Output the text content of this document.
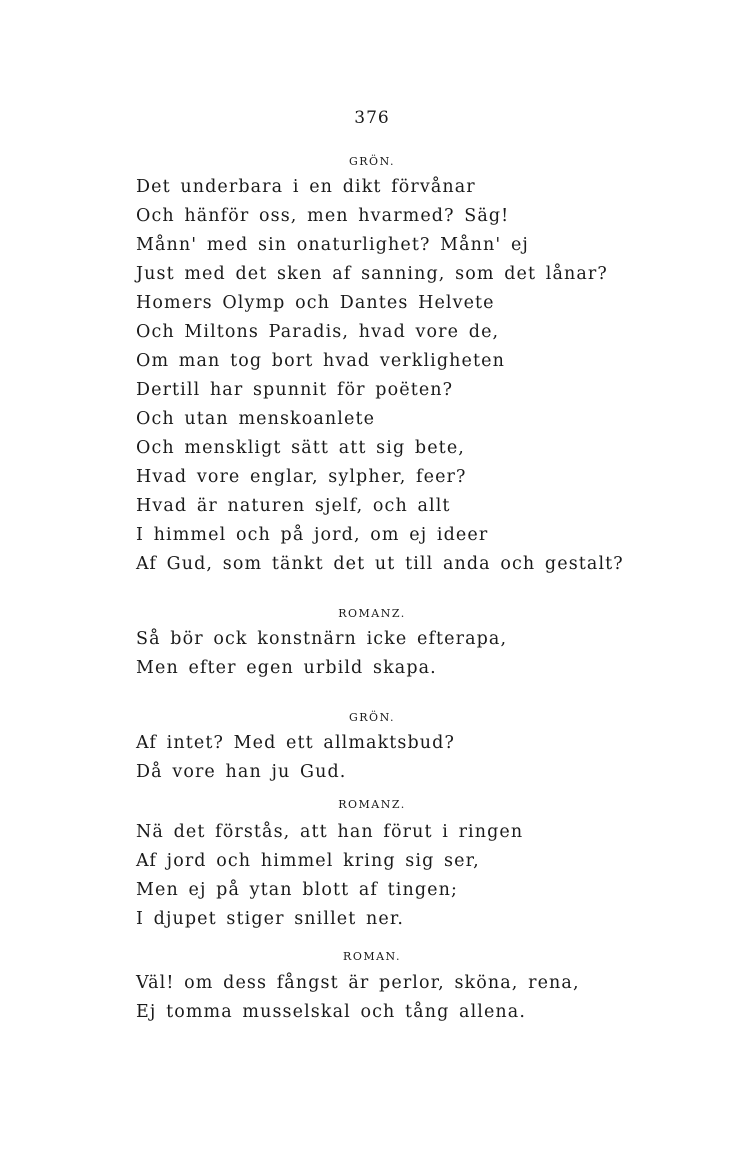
376
GRÖN.
Det underbara i en dikt förvånar
Och hänför oss, men hvarmed? Säg!
Månn' med sin onaturlighet? Månn' ej
Just med det sken af sanning, som det lånar?
Homers Olymp och Dantes Helvete
Och Miltons Paradis, hvad vore de,
Om man tog bort hvad verkligheten
Dertill har spunnit för poëten?
Och utan menskoanlete
Och menskligt sätt att sig bete,
Hvad vore englar, sylpher, feer?
Hvad är naturen sjelf, och allt
I himmel och på jord, om ej ideer
Af Gud, som tänkt det ut till anda och gestalt?
ROMANZ.
Så bör ock konstnärn icke efterapa,
Men efter egen urbild skapa.
GRÖN.
Af intet? Med ett allmaktsbud?
Då vore han ju Gud.
ROMANZ.
Nä det förstås, att han förut i ringen
Af jord och himmel kring sig ser,
Men ej på ytan blott af tingen;
I djupet stiger snillet ner.
ROMAN.
Väl! om dess fångst är perlor, sköna, rena,
Ej tomma musselskal och tång allena.
